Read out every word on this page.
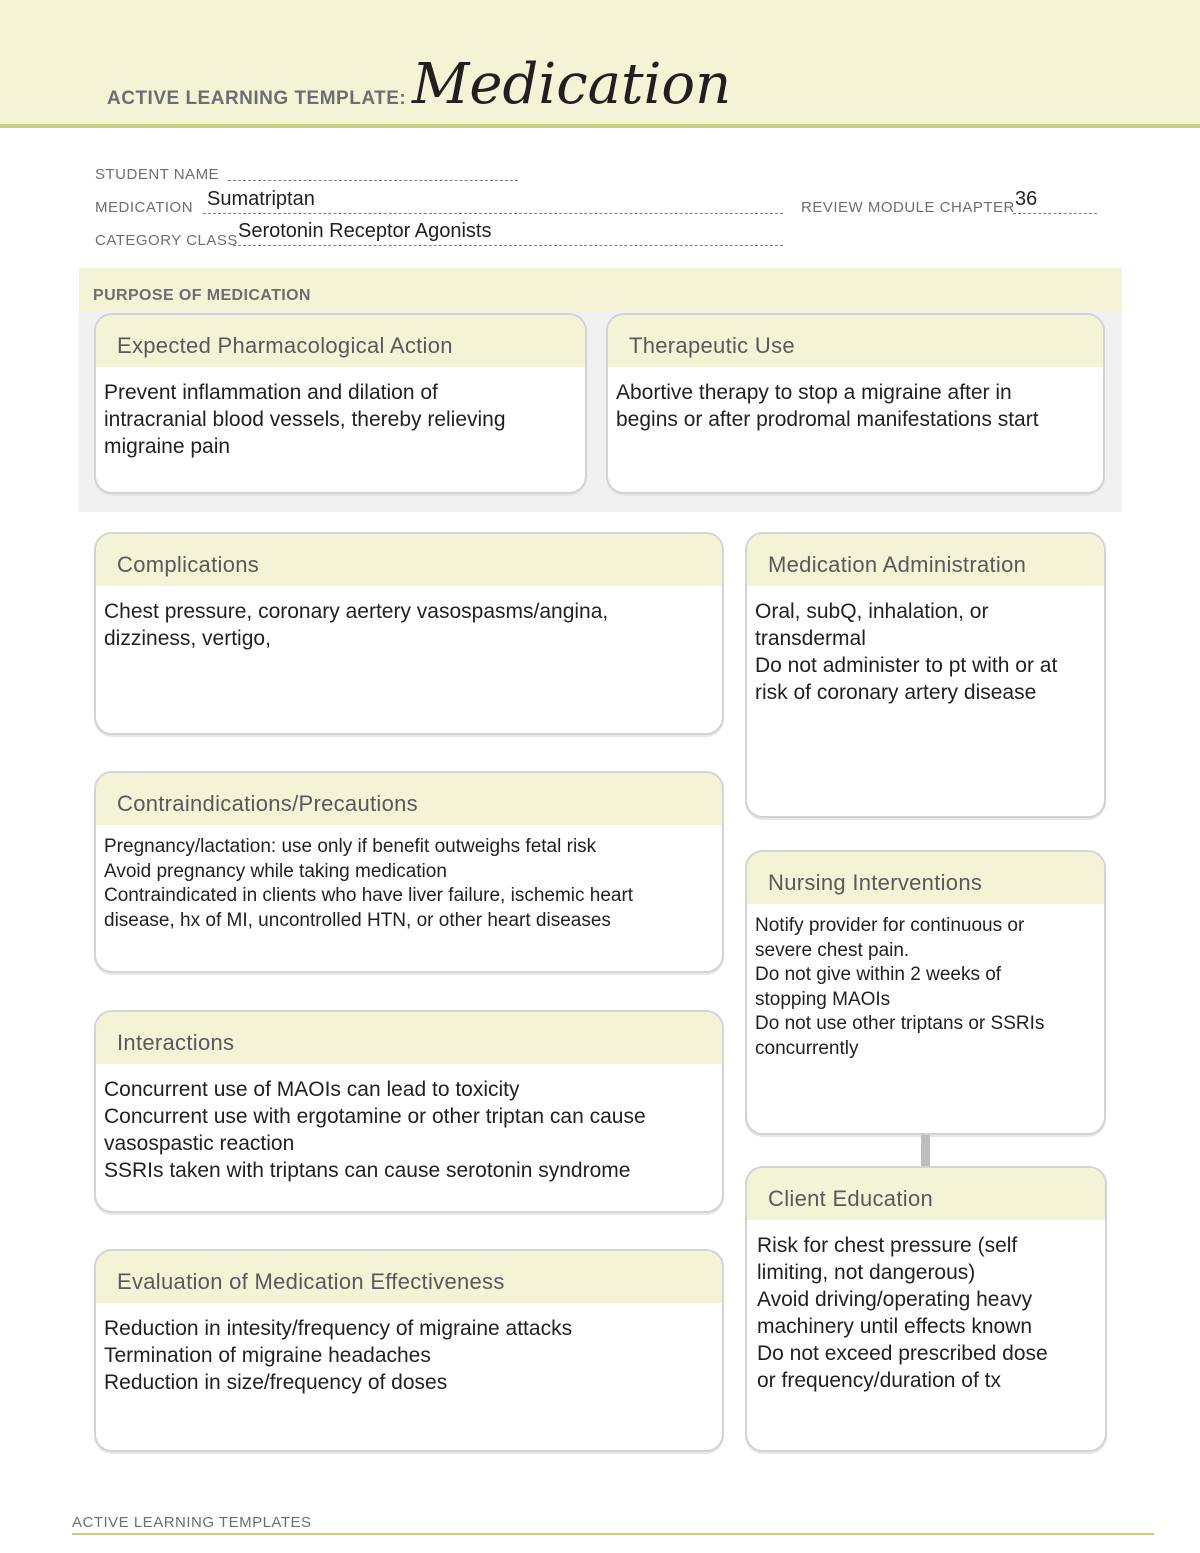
ACTIVE LEARNING TEMPLATE: Medication
STUDENT NAME
MEDICATION Sumatriptan	REVIEW MODULE CHAPTER 36
CATEGORY CLASS Serotonin Receptor Agonists
PURPOSE OF MEDICATION
Expected Pharmacological Action
Prevent inflammation and dilation of
intracranial blood vessels, thereby relieving
migraine pain
Therapeutic Use
Abortive therapy to stop a migraine after in
begins or after prodromal manifestations start
Complications
Chest pressure, coronary aertery vasospasms/angina,
dizziness, vertigo,
Contraindications/Precautions
Pregnancy/lactation: use only if benefit outweighs fetal risk
Avoid pregnancy while taking medication
Contraindicated in clients who have liver failure, ischemic heart
disease, hx of MI, uncontrolled HTN, or other heart diseases
Interactions
Concurrent use of MAOIs can lead to toxicity
Concurrent use with ergotamine or other triptan can cause
vasospastic reaction
SSRIs taken with triptans can cause serotonin syndrome
Evaluation of Medication Effectiveness
Reduction in intesity/frequency of migraine attacks
Termination of migraine headaches
Reduction in size/frequency of doses
Medication Administration
Oral, subQ, inhalation, or
transdermal
Do not administer to pt with or at
risk of coronary artery disease
Nursing Interventions
Notify provider for continuous or
severe chest pain.
Do not give within 2 weeks of
stopping MAOIs
Do not use other triptans or SSRIs
concurrently
Client Education
Risk for chest pressure (self
limiting, not dangerous)
Avoid driving/operating heavy
machinery until effects known
Do not exceed prescribed dose
or frequency/duration of tx
ACTIVE LEARNING TEMPLATES
